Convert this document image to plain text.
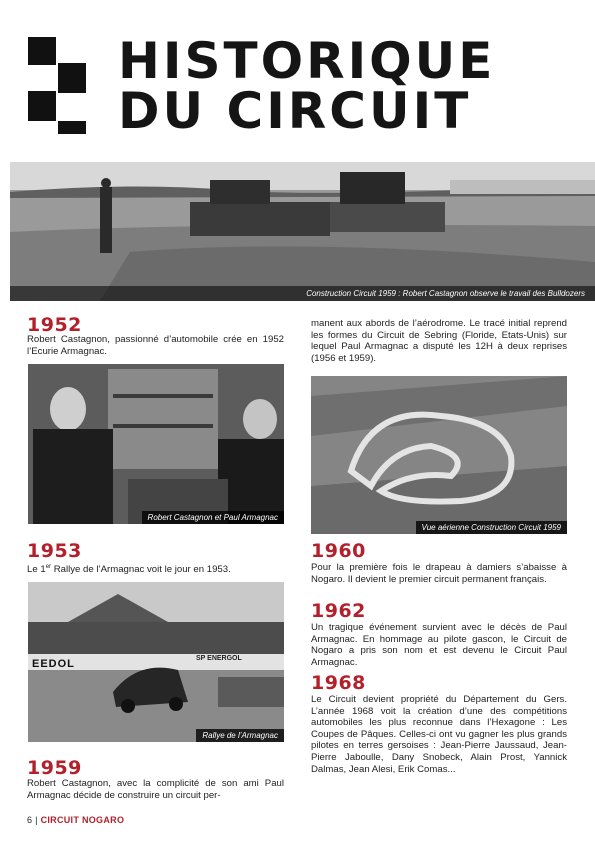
HISTORIQUE
DU CIRCUIT
Construction Circuit 1959 : Robert Castagnon observe le travail des Bulldozers
1952
Robert Castagnon, passionné d’automobile crée en 1952 l’Ecurie Armagnac.
Robert Castagnon et Paul Armagnac
1953
Le 1er Rallye de l’Armagnac voit le jour en 1953.
EEDOL	SP ENERGOL
Rallye de l’Armagnac
1959
Robert Castagnon, avec la complicité de son ami Paul Armagnac décide de construire un circuit per-
manent aux abords de l’aérodrome. Le tracé initial reprend les formes du Circuit de Sebring (Floride, Etats-Unis) sur lequel Paul Armagnac a disputé les 12H à deux reprises (1956 et 1959).
Vue aérienne Construction Circuit 1959
1960
Pour la première fois le drapeau à damiers s’abaisse à Nogaro. Il devient le premier circuit permanent français.
1962
Un tragique événement survient avec le décès de Paul Armagnac. En hommage au pilote gascon, le Circuit de Nogaro a pris son nom et est devenu le Circuit Paul Armagnac.
1968
Le Circuit devient propriété du Département du Gers. L’année 1968 voit la création d’une des compétitions automobiles les plus reconnue dans l’Hexagone : Les Coupes de Pâques. Celles-ci ont vu gagner les plus grands pilotes en terres gersoises : Jean-Pierre Jaussaud, Jean-Pierre Jaboulle, Dany Snobeck, Alain Prost, Yannick Dalmas, Jean Alesi, Erik Comas...
6 | CIRCUIT NOGARO
